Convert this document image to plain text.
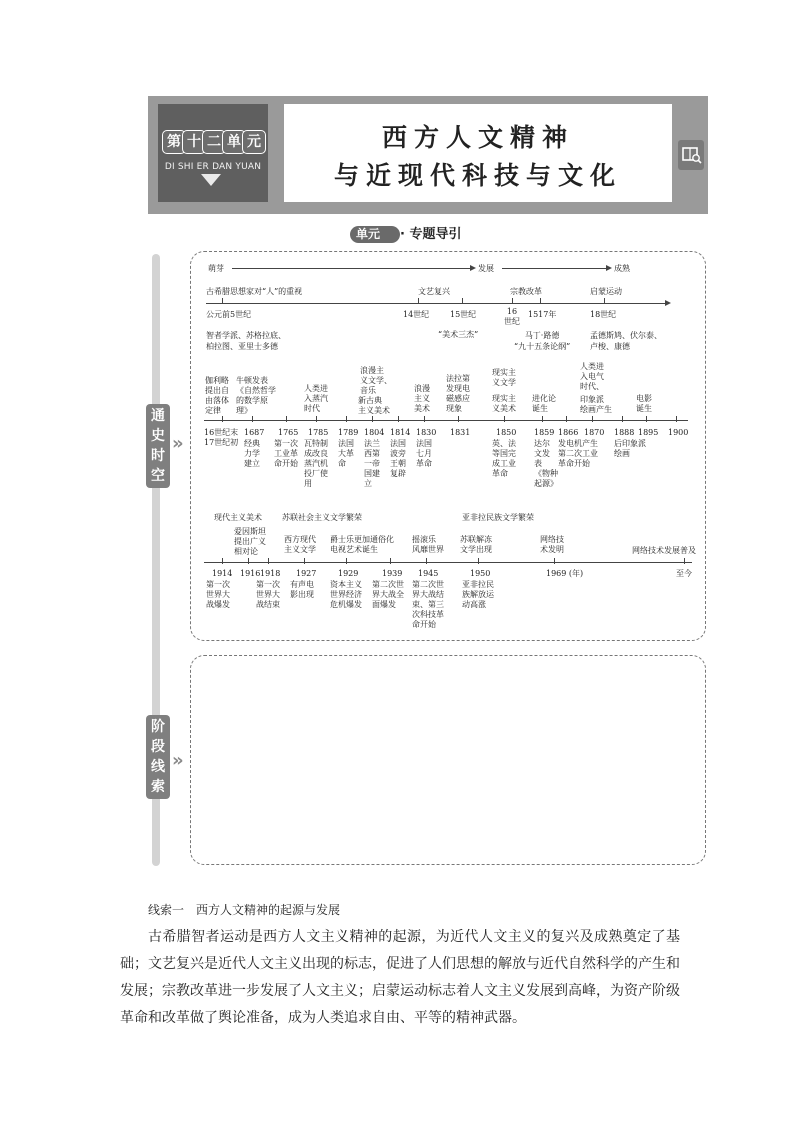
第 十 二 单 元
DI SHI ER DAN YUAN
西方人文精神
与近现代科技与文化
单元 · 专题导引
通
史
时
空
»
阶
段
线
索
»
萌芽	发展	成熟
古希腊思想家对“人”的重视	文艺复兴	宗教改革	启蒙运动
公元前5世纪	14世纪	15世纪	16
世纪
1517年	18世纪
智者学派、苏格拉底、
柏拉图、亚里士多德
“美术三杰”	马丁·路德
“九十五条论纲”
孟德斯鸠、伏尔泰、
卢梭、康德
伽利略
提出自
由落体
定律
牛顿发表
《自然哲学
的数学原
理》
人类进
入蒸汽
时代
浪漫主
义文学、
音乐
新古典
主义美术
浪漫
主义
美术
法拉第
发现电
磁感应
现象
现实主
义文学
现实主
义美术
进化论
诞生
人类进
入电气
时代、
印象派
绘画产生
电影
诞生
16世纪末
17世纪初
1687 1765 1785 1789 1804 1814 1830 1831	1850 1859 1866 1870 1888 1895 1900
经典
力学
建立
第一次
工业革
命开始
瓦特制
成改良
蒸汽机
投厂使
用
法国
大革
命
法兰
西第
一帝
国建
立
法国
波旁
王朝
复辟
法国
七月
革命
英、法
等国完
成工业
革命
达尔
文发
表
《物种
起源》
发电机产生
第二次工业
革命开始
后印象派
绘画
现代主义美术	苏联社会主义文学繁荣	亚非拉民族文学繁荣
爱因斯坦
提出广义
相对论
西方现代
主义文学
爵士乐更加通俗化
电视艺术诞生
摇滚乐
风靡世界
苏联解冻
文学出现
网络技
术发明	网络技术发展普及
1914 1916 1918 1927	1929	1939 1945	1950	1969 (年)	至今
第一次
世界大
战爆发
第一次
世界大
战结束
有声电
影出现
资本主义
世界经济
危机爆发
第二次世
界大战全
面爆发
第二次世
界大战结
束、第三
次科技革
命开始
亚非拉民
族解放运
动高涨
线索一　西方人文精神的起源与发展
古希腊智者运动是西方人文主义精神的起源，为近代人文主义的复兴及成熟奠定了基础；文艺复兴是近代人文主义出现的标志，促进了人们思想的解放与近代自然科学的产生和发展；宗教改革进一步发展了人文主义；启蒙运动标志着人文主义发展到高峰，为资产阶级革命和改革做了舆论准备，成为人类追求自由、平等的精神武器。
